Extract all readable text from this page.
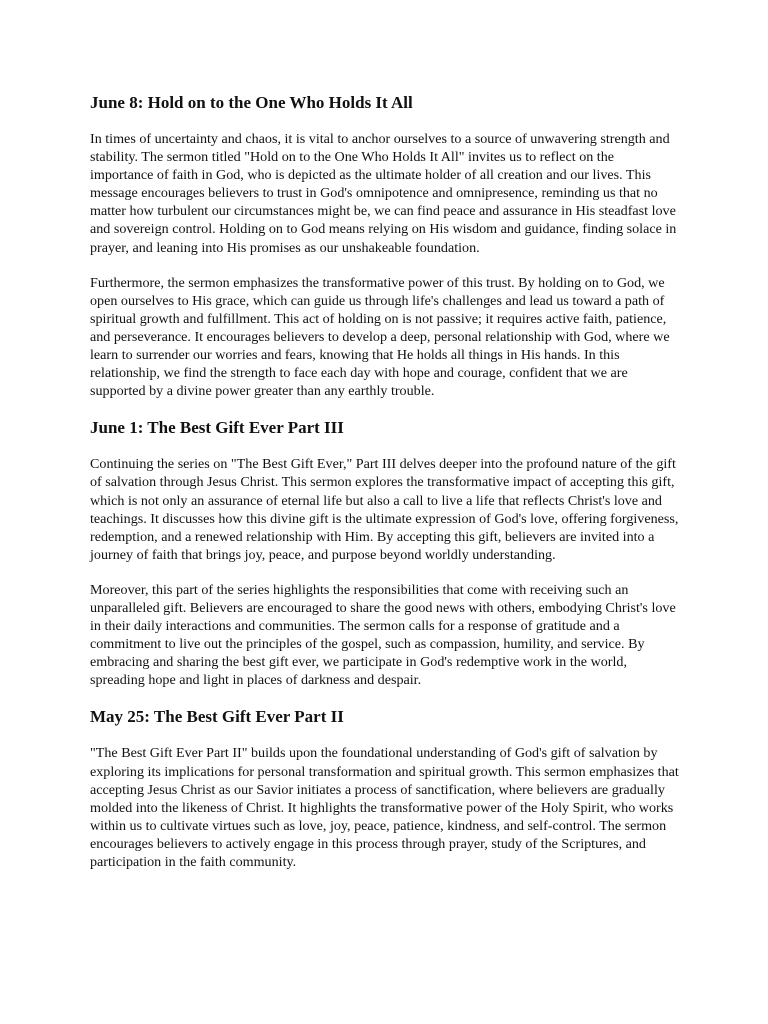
June 8: Hold on to the One Who Holds It All

In times of uncertainty and chaos, it is vital to anchor ourselves to a source of unwavering strength and stability. The sermon titled "Hold on to the One Who Holds It All" invites us to reflect on the importance of faith in God, who is depicted as the ultimate holder of all creation and our lives. This message encourages believers to trust in God's omnipotence and omnipresence, reminding us that no matter how turbulent our circumstances might be, we can find peace and assurance in His steadfast love and sovereign control. Holding on to God means relying on His wisdom and guidance, finding solace in prayer, and leaning into His promises as our unshakeable foundation.

Furthermore, the sermon emphasizes the transformative power of this trust. By holding on to God, we open ourselves to His grace, which can guide us through life's challenges and lead us toward a path of spiritual growth and fulfillment. This act of holding on is not passive; it requires active faith, patience, and perseverance. It encourages believers to develop a deep, personal relationship with God, where we learn to surrender our worries and fears, knowing that He holds all things in His hands. In this relationship, we find the strength to face each day with hope and courage, confident that we are supported by a divine power greater than any earthly trouble.

June 1: The Best Gift Ever Part III

Continuing the series on "The Best Gift Ever," Part III delves deeper into the profound nature of the gift of salvation through Jesus Christ. This sermon explores the transformative impact of accepting this gift, which is not only an assurance of eternal life but also a call to live a life that reflects Christ's love and teachings. It discusses how this divine gift is the ultimate expression of God's love, offering forgiveness, redemption, and a renewed relationship with Him. By accepting this gift, believers are invited into a journey of faith that brings joy, peace, and purpose beyond worldly understanding.

Moreover, this part of the series highlights the responsibilities that come with receiving such an unparalleled gift. Believers are encouraged to share the good news with others, embodying Christ's love in their daily interactions and communities. The sermon calls for a response of gratitude and a commitment to live out the principles of the gospel, such as compassion, humility, and service. By embracing and sharing the best gift ever, we participate in God's redemptive work in the world, spreading hope and light in places of darkness and despair.

May 25: The Best Gift Ever Part II

"The Best Gift Ever Part II" builds upon the foundational understanding of God's gift of salvation by exploring its implications for personal transformation and spiritual growth. This sermon emphasizes that accepting Jesus Christ as our Savior initiates a process of sanctification, where believers are gradually molded into the likeness of Christ. It highlights the transformative power of the Holy Spirit, who works within us to cultivate virtues such as love, joy, peace, patience, kindness, and self-control. The sermon encourages believers to actively engage in this process through prayer, study of the Scriptures, and participation in the faith community.
